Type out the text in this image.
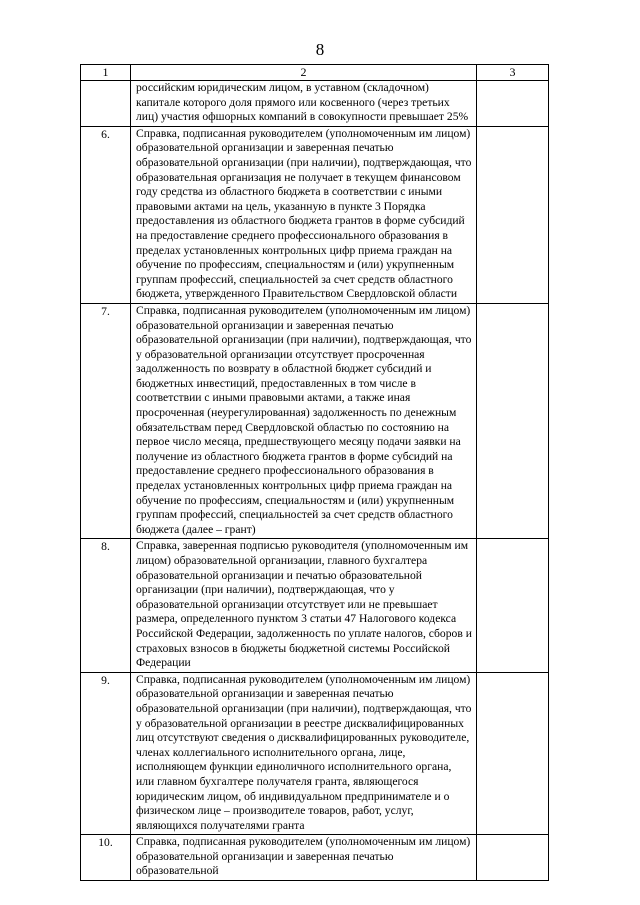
8
1	2	3
	российским юридическим лицом, в уставном (складочном) капитале которого доля прямого или косвенного (через третьих лиц) участия офшорных компаний в совокупности превышает 25%	
6.	Справка, подписанная руководителем (уполномоченным им лицом) образовательной организации и заверенная печатью образовательной организации (при наличии), подтверждающая, что образовательная организация не получает в текущем финансовом году средства из областного бюджета в соответствии с иными правовыми актами на цель, указанную в пункте 3 Порядка предоставления из областного бюджета грантов в форме субсидий на предоставление среднего профессионального образования в пределах установленных контрольных цифр приема граждан на обучение по профессиям, специальностям и (или) укрупненным группам профессий, специальностей за счет средств областного бюджета, утвержденного Правительством Свердловской области	
7.	Справка, подписанная руководителем (уполномоченным им лицом) образовательной организации и заверенная печатью образовательной организации (при наличии), подтверждающая, что у образовательной организации отсутствует просроченная задолженность по возврату в областной бюджет субсидий и бюджетных инвестиций, предоставленных в том числе в соответствии с иными правовыми актами, а также иная просроченная (неурегулированная) задолженность по денежным обязательствам перед Свердловской областью по состоянию на первое число месяца, предшествующего месяцу подачи заявки на получение из областного бюджета грантов в форме субсидий на предоставление среднего профессионального образования в пределах установленных контрольных цифр приема граждан на обучение по профессиям, специальностям и (или) укрупненным группам профессий, специальностей за счет средств областного бюджета (далее – грант)	
8.	Справка, заверенная подписью руководителя (уполномоченным им лицом) образовательной организации, главного бухгалтера образовательной организации и печатью образовательной организации (при наличии), подтверждающая, что у образовательной организации отсутствует или не превышает размера, определенного пунктом 3 статьи 47 Налогового кодекса Российской Федерации, задолженность по уплате налогов, сборов и страховых взносов в бюджеты бюджетной системы Российской Федерации	
9.	Справка, подписанная руководителем (уполномоченным им лицом) образовательной организации и заверенная печатью образовательной организации (при наличии), подтверждающая, что у образовательной организации в реестре дисквалифицированных лиц отсутствуют сведения о дисквалифицированных руководителе, членах коллегиального исполнительного органа, лице, исполняющем функции единоличного исполнительного органа, или главном бухгалтере получателя гранта, являющегося юридическим лицом, об индивидуальном предпринимателе и о физическом лице – производителе товаров, работ, услуг, являющихся получателями гранта	
10.	Справка, подписанная руководителем (уполномоченным им лицом) образовательной организации и заверенная печатью образовательной	
